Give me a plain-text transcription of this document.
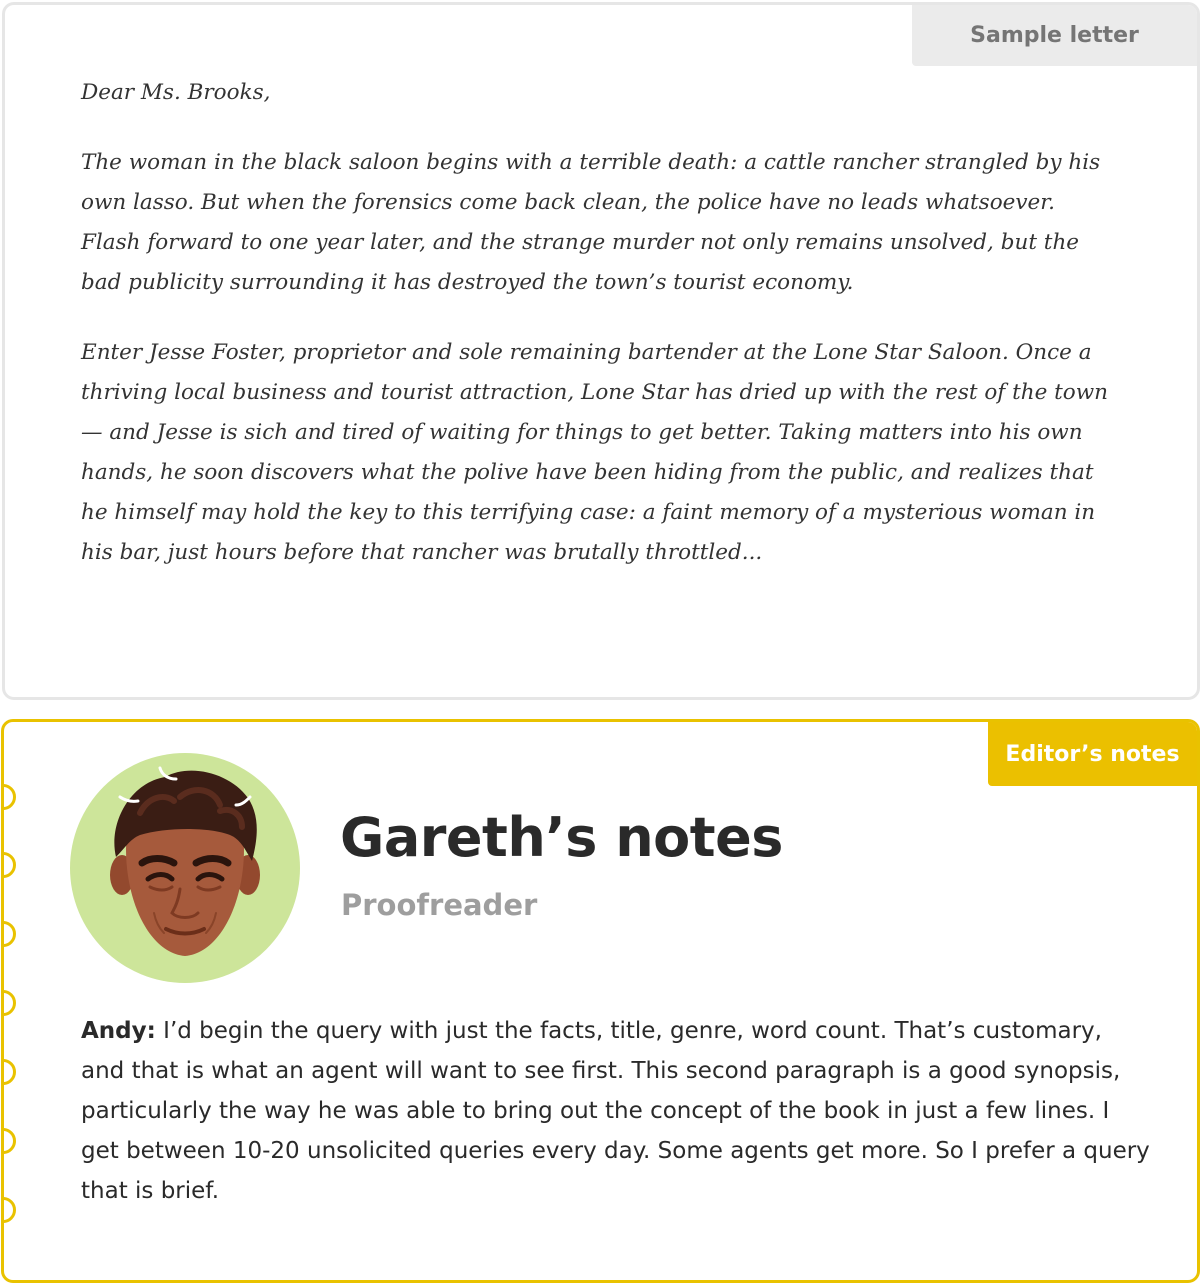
Sample letter

Dear Ms. Brooks,

The woman in the black saloon begins with a terrible death: a cattle rancher strangled by his own lasso. But when the forensics come back clean, the police have no leads whatsoever. Flash forward to one year later, and the strange murder not only remains unsolved, but the bad publicity surrounding it has destroyed the town’s tourist economy.

Enter Jesse Foster, proprietor and sole remaining bartender at the Lone Star Saloon. Once a thriving local business and tourist attraction, Lone Star has dried up with the rest of the town — and Jesse is sich and tired of waiting for things to get better. Taking matters into his own hands, he soon discovers what the polive have been hiding from the public, and realizes that he himself may hold the key to this terrifying case: a faint memory of a mysterious woman in his bar, just hours before that rancher was brutally throttled...

Editor’s notes
Gareth’s notes
Proofreader

Andy: I’d begin the query with just the facts, title, genre, word count. That’s customary, and that is what an agent will want to see first. This second paragraph is a good synopsis, particularly the way he was able to bring out the concept of the book in just a few lines. I get between 10-20 unsolicited queries every day. Some agents get more. So I prefer a query that is brief.
